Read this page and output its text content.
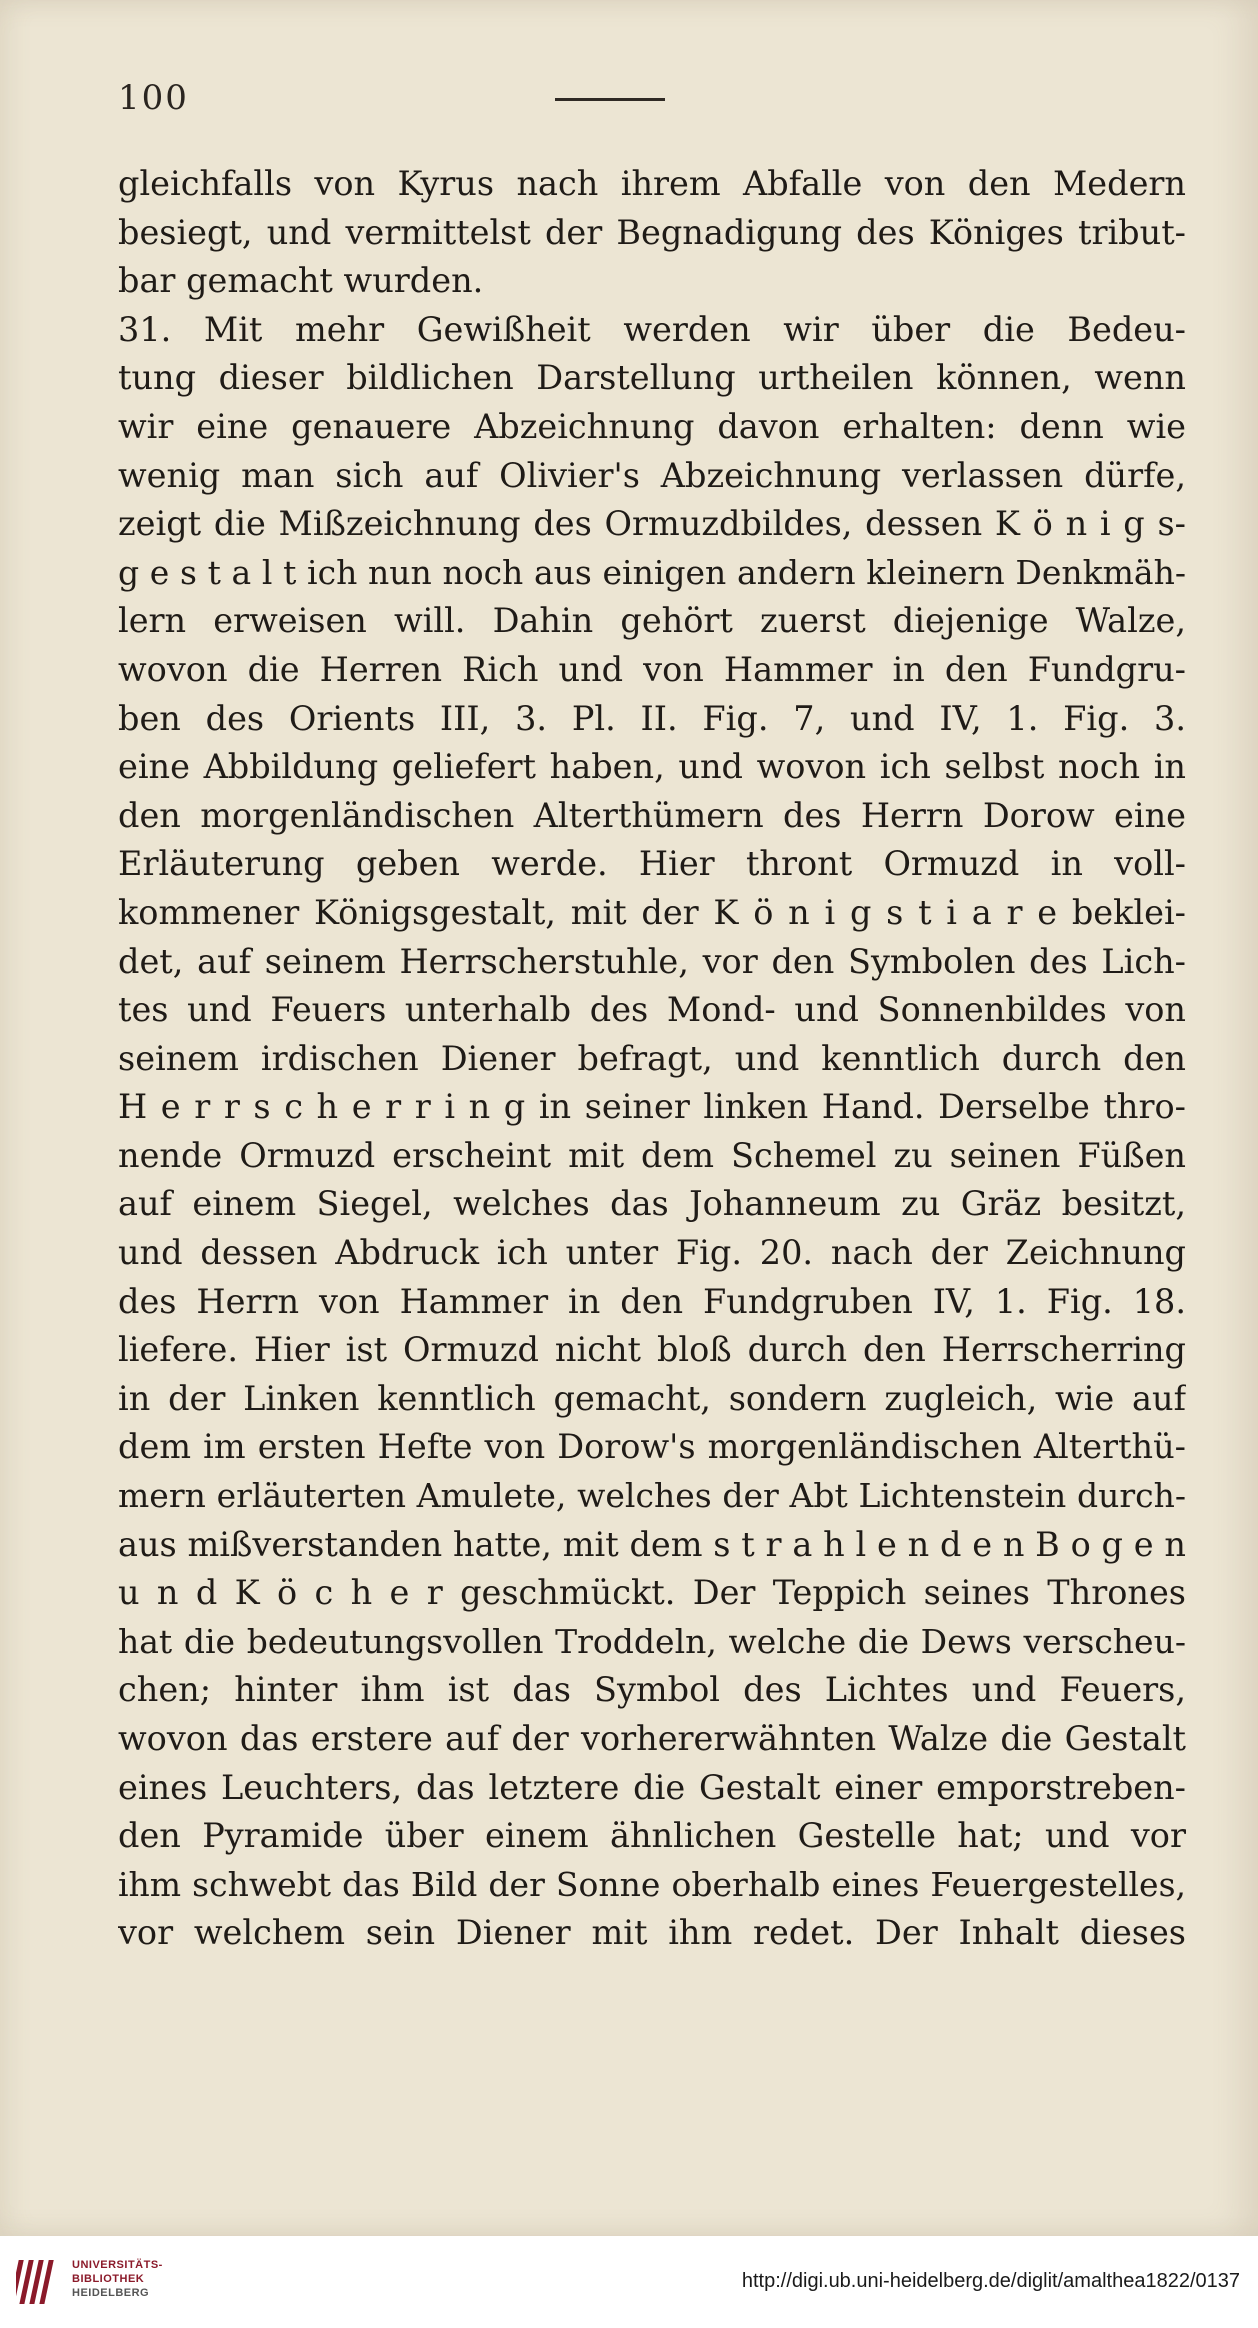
100
gleichfalls von Kyrus nach ihrem Abfalle von den Medern
besiegt, und vermittelst der Begnadigung des Königes tribut‐
bar gemacht wurden.
31. Mit mehr Gewißheit werden wir über die Bedeu‐
tung dieser bildlichen Darstellung urtheilen können, wenn
wir eine genauere Abzeichnung davon erhalten: denn wie
wenig man sich auf Olivier's Abzeichnung verlassen dürfe,
zeigt die Mißzeichnung des Ormuzdbildes, dessen K ö n i g s‐
g e s t a l t ich nun noch aus einigen andern kleinern Denkmäh‐
lern erweisen will. Dahin gehört zuerst diejenige Walze,
wovon die Herren Rich und von Hammer in den Fundgru‐
ben des Orients III, 3. Pl. II. Fig. 7, und IV, 1. Fig. 3.
eine Abbildung geliefert haben, und wovon ich selbst noch in
den morgenländischen Alterthümern des Herrn Dorow eine
Erläuterung geben werde. Hier thront Ormuzd in voll‐
kommener Königsgestalt, mit der K ö n i g s t i a r e beklei‐
det, auf seinem Herrscherstuhle, vor den Symbolen des Lich‐
tes und Feuers unterhalb des Mond‐ und Sonnenbildes von
seinem irdischen Diener befragt, und kenntlich durch den
H e r r s c h e r r i n g in seiner linken Hand. Derselbe thro‐
nende Ormuzd erscheint mit dem Schemel zu seinen Füßen
auf einem Siegel, welches das Johanneum zu Gräz besitzt,
und dessen Abdruck ich unter Fig. 20. nach der Zeichnung
des Herrn von Hammer in den Fundgruben IV, 1. Fig. 18.
liefere. Hier ist Ormuzd nicht bloß durch den Herrscherring
in der Linken kenntlich gemacht, sondern zugleich, wie auf
dem im ersten Hefte von Dorow's morgenländischen Alterthü‐
mern erläuterten Amulete, welches der Abt Lichtenstein durch‐
aus mißverstanden hatte, mit dem s t r a h l e n d e n B o g e n
u n d K ö c h e r geschmückt. Der Teppich seines Thrones
hat die bedeutungsvollen Troddeln, welche die Dews verscheu‐
chen; hinter ihm ist das Symbol des Lichtes und Feuers,
wovon das erstere auf der vorhererwähnten Walze die Gestalt
eines Leuchters, das letztere die Gestalt einer emporstreben‐
den Pyramide über einem ähnlichen Gestelle hat; und vor
ihm schwebt das Bild der Sonne oberhalb eines Feuergestelles,
vor welchem sein Diener mit ihm redet. Der Inhalt dieses
UNIVERSITÄTS-
BIBLIOTHEK
HEIDELBERG
http://digi.ub.uni-heidelberg.de/diglit/amalthea1822/0137
